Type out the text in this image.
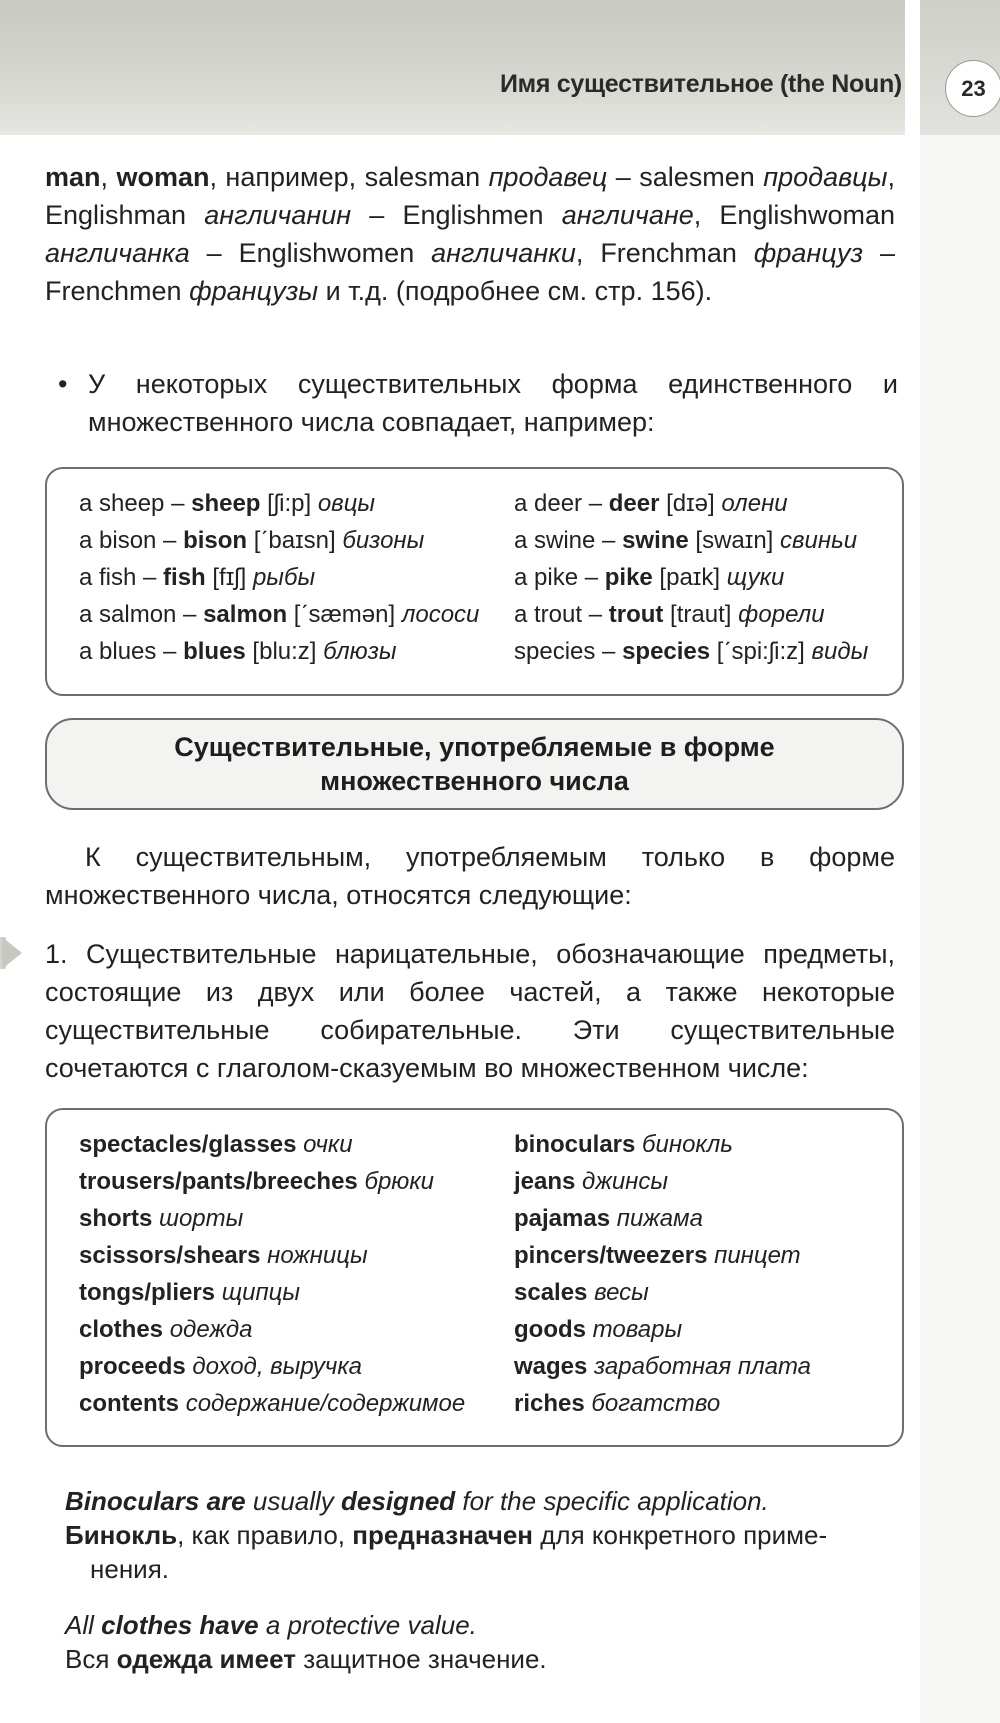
Имя существительное (the Noun)	23
man, woman, например, salesman продавец – salesmen продавцы, Englishman англичанин – Englishmen англичане, Englishwoman англичанка – Englishwomen англичанки, Frenchman француз – Frenchmen французы и т.д. (подробнее см. стр. 156).
• У некоторых существительных форма единственного и множественного числа совпадает, например:
a sheep – sheep [ʃi:p] овцы
a bison – bison [ˊbaɪsn] бизоны
a fish – fish [fɪʃ] рыбы
a salmon – salmon [ˊsæmən] лососи
a blues – blues [blu:z] блюзы
a deer – deer [dɪə] олени
a swine – swine [swaɪn] свиньи
a pike – pike [paɪk] щуки
a trout – trout [traut] форели
species – species [ˊspi:ʃi:z] виды
Существительные, употребляемые в форме
множественного числа
К существительным, употребляемым только в форме множественного числа, относятся следующие:
1. Существительные нарицательные, обозначающие предметы, состоящие из двух или более частей, а также некоторые существительные собирательные. Эти существительные сочетаются с глаголом-сказуемым во множественном числе:
spectacles/glasses очки
trousers/pants/breeches брюки
shorts шорты
scissors/shears ножницы
tongs/pliers щипцы
clothes одежда
proceeds доход, выручка
contents содержание/содержимое
binoculars бинокль
jeans джинсы
pajamas пижама
pincers/tweezers пинцет
scales весы
goods товары
wages заработная плата
riches богатство
Binoculars are usually designed for the specific application.
Бинокль, как правило, предназначен для конкретного приме-
нения.
All clothes have a protective value.
Вся одежда имеет защитное значение.
